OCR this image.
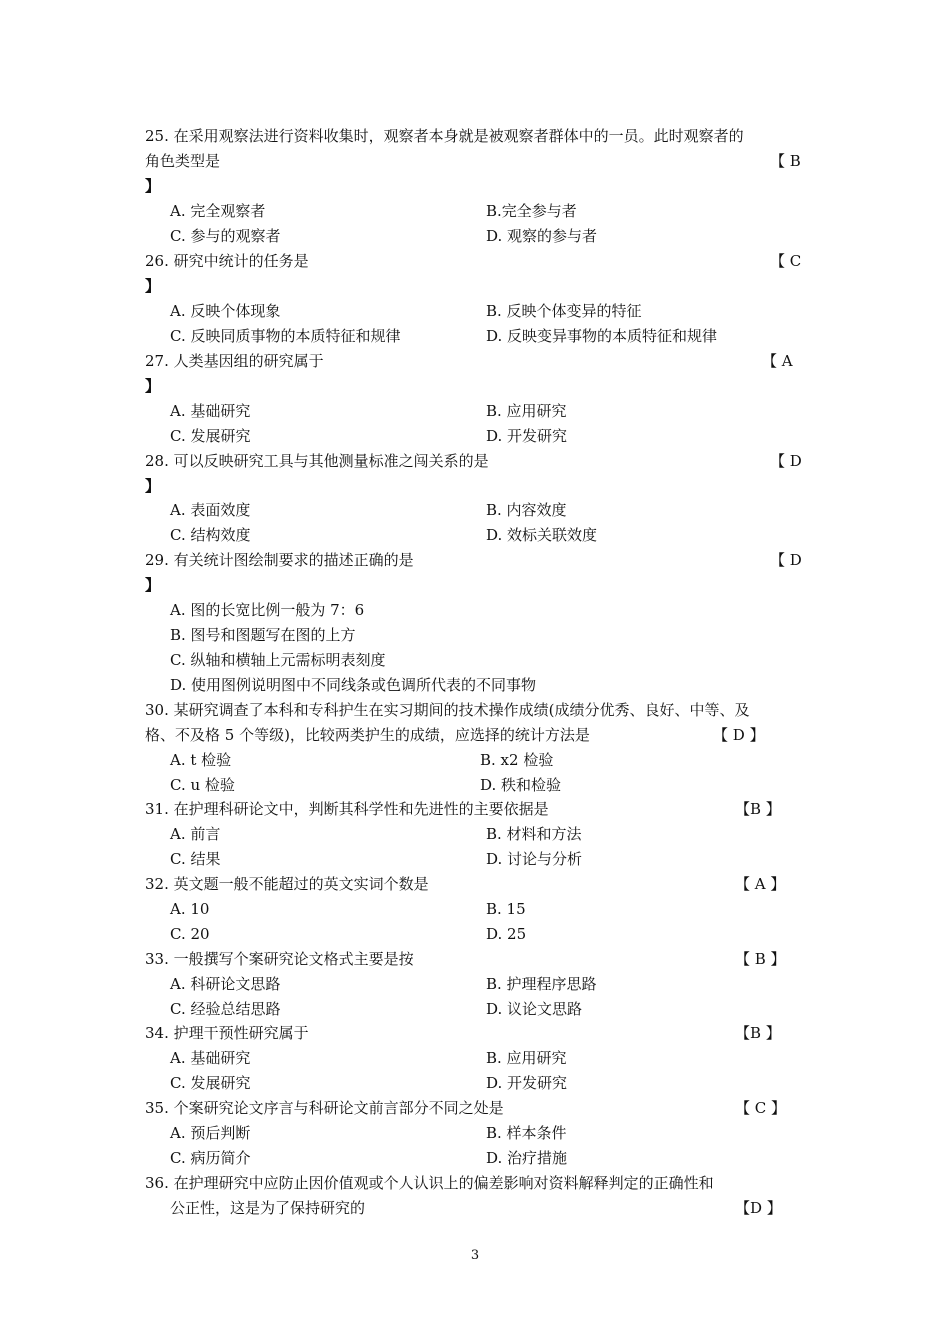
25. 在采用观察法进行资料收集时，观察者本身就是被观察者群体中的一员。此时观察者的
角色类型是	【 B
】
A. 完全观察者	B.完全参与者
C. 参与的观察者	D. 观察的参与者
26. 研究中统计的任务是	【 C
】
A. 反映个体现象	B. 反映个体变异的特征
C. 反映同质事物的本质特征和规律	D. 反映变异事物的本质特征和规律
27. 人类基因组的研究属于	【 A
】
A. 基础研究	B. 应用研究
C. 发展研究	D. 开发研究
28. 可以反映研究工具与其他测量标准之闯关系的是	【 D
】
A. 表面效度	B. 内容效度
C. 结构效度	D. 效标关联效度
29. 有关统计图绘制要求的描述正确的是	【 D
】
A. 图的长宽比例一般为 7：6
B. 图号和图题写在图的上方
C. 纵轴和横轴上元需标明表刻度
D. 使用图例说明图中不同线条或色调所代表的不同事物
30. 某研究调查了本科和专科护生在实习期间的技术操作成绩(成绩分优秀、良好、中等、及
格、不及格 5 个等级)，比较两类护生的成绩，应选择的统计方法是	【 D 】
A. t 检验	B. x2 检验
C. u 检验	D. 秩和检验
31. 在护理科研论文中，判断其科学性和先进性的主要依据是	【B 】
A. 前言	B. 材料和方法
C. 结果	D. 讨论与分析
32. 英文题一般不能超过的英文实词个数是	【 A 】
A. 10	B. 15
C. 20	D. 25
33. 一般撰写个案研究论文格式主要是按	【 B 】
A. 科研论文思路	B. 护理程序思路
C. 经验总结思路	D. 议论文思路
34. 护理干预性研究属于	【B 】
A. 基础研究	B. 应用研究
C. 发展研究	D. 开发研究
35. 个案研究论文序言与科研论文前言部分不同之处是	【 C 】
A. 预后判断	B. 样本条件
C. 病历简介	D. 治疗措施
36. 在护理研究中应防止因价值观或个人认识上的偏差影响对资料解释判定的正确性和
公正性，这是为了保持研究的	【D 】
3
